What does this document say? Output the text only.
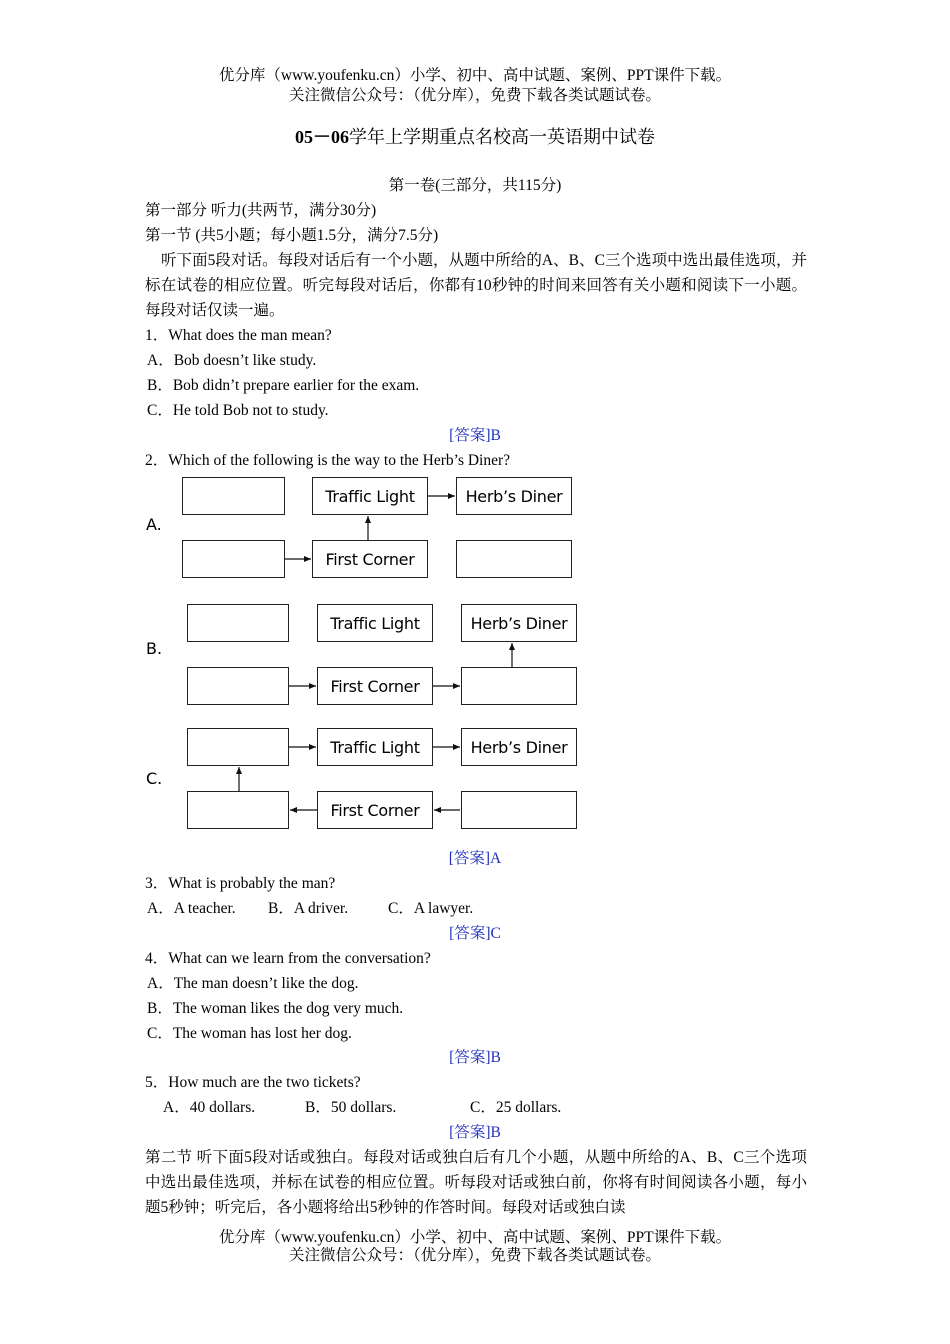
优分库（www.youfenku.cn）小学、初中、高中试题、案例、PPT课件下载。
关注微信公众号：（优分库），免费下载各类试题试卷。
05－06学年上学期重点名校高一英语期中试卷
第一卷(三部分，共115分)
第一部分 听力(共两节，满分30分)
第一节 (共5小题；每小题1.5分，满分7.5分)
听下面5段对话。每段对话后有一个小题，从题中所给的A、B、C三个选项中选出最佳选项，并标在试卷的相应位置。听完每段对话后，你都有10秒钟的时间来回答有关小题和阅读下一小题。每段对话仅读一遍。
1．What does the man mean?
A．Bob doesn’t like study.
B．Bob didn’t prepare earlier for the exam.
C．He told Bob not to study.
[答案]B
2．Which of the following is the way to the Herb’s Diner?
A.
Traffic Light	Herb’s Diner
First Corner
B.
Traffic Light	Herb’s Diner
First Corner
C.
Traffic Light	Herb’s Diner
First Corner
[答案]A
3．What is probably the man?
A．A teacher. B．A driver.	C．A lawyer.
[答案]C
4．What can we learn from the conversation?
A．The man doesn’t like the dog.
B．The woman likes the dog very much.
C．The woman has lost her dog.
[答案]B
5．How much are the two tickets?
A．40 dollars.	B．50 dollars.	C．25 dollars.
[答案]B
第二节 听下面5段对话或独白。每段对话或独白后有几个小题，从题中所给的A、B、C三个选项中选出最佳选项，并标在试卷的相应位置。听每段对话或独白前，你将有时间阅读各小题，每小题5秒钟；听完后，各小题将给出5秒钟的作答时间。每段对话或独白读
优分库（www.youfenku.cn）小学、初中、高中试题、案例、PPT课件下载。
关注微信公众号：（优分库），免费下载各类试题试卷。
